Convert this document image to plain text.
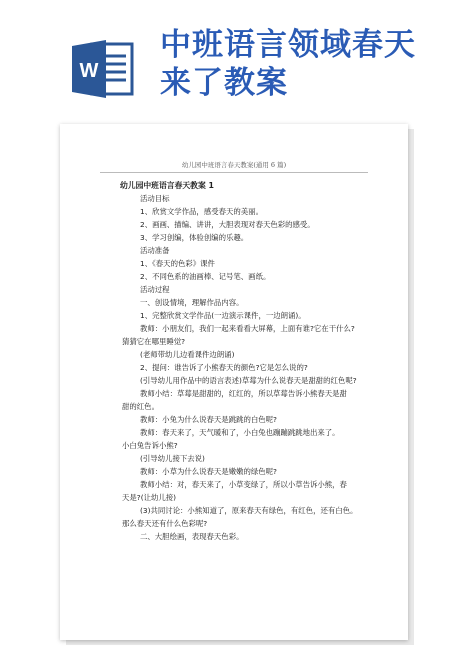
W
中班语言领域春天
来了教案
幼儿园中班语言春天教案(通用 6 篇)

幼儿园中班语言春天教案 1

活动目标

1、欣赏文学作品，感受春天的美丽。

2、画画、描编、讲讲，大胆表现对春天色彩的感受。

3、学习创编，体验创编的乐趣。

活动准备

1、《春天的色彩》课件

2、不同色系的油画棒、记号笔、画纸。

活动过程

一、创设情境，理解作品内容。

1、完整欣赏文学作品(一边演示课件，一边朗诵)。

教师：小朋友们，我们一起来看看大屏幕，上面有谁?它在干什么?

猜猜它在哪里睡觉?

(老师带幼儿边看课件边朗诵)

2、提问：谁告诉了小熊春天的颜色?它是怎么说的?

(引导幼儿用作品中的语言表述)草莓为什么说春天是甜甜的红色呢?

教师小结：草莓是甜甜的，红红的，所以草莓告诉小熊春天是甜

甜的红色。

教师：小兔为什么说春天是跳跳的白色呢?

教师：春天来了，天气暖和了，小白兔也蹦蹦跳跳地出来了。

小白兔告诉小熊?

(引导幼儿接下去说)

教师：小草为什么说春天是嫩嫩的绿色呢?

教师小结：对，春天来了，小草变绿了，所以小草告诉小熊，春

天是?(让幼儿接)

(3)共同讨论：小熊知道了，原来春天有绿色，有红色，还有白色。

那么春天还有什么色彩呢?

二、大胆绘画，表现春天色彩。
